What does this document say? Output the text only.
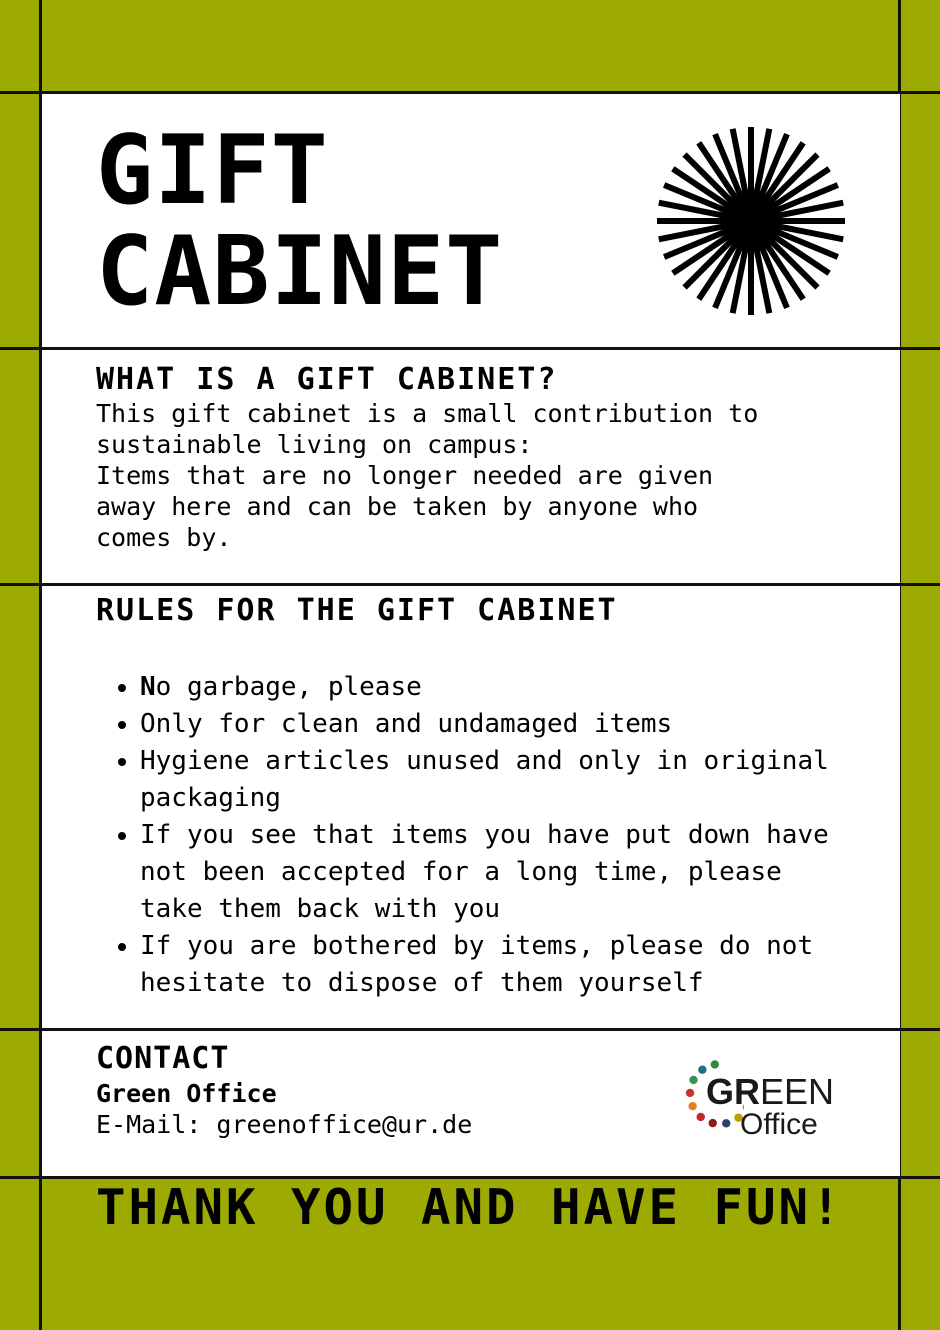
GIFT
CABINET
WHAT IS A GIFT CABINET?
This gift cabinet is a small contribution to
sustainable living on campus:
Items that are no longer needed are given
away here and can be taken by anyone who
comes by.
RULES FOR THE GIFT CABINET
• No garbage, please
• Only for clean and undamaged items
• Hygiene articles unused and only in original packaging
• If you see that items you have put down have not been accepted for a long time, please take them back with you
• If you are bothered by items, please do not hesitate to dispose of them yourself
CONTACT
Green Office
E-Mail: greenoffice@ur.de
GREEN
Office
THANK YOU AND HAVE FUN!
